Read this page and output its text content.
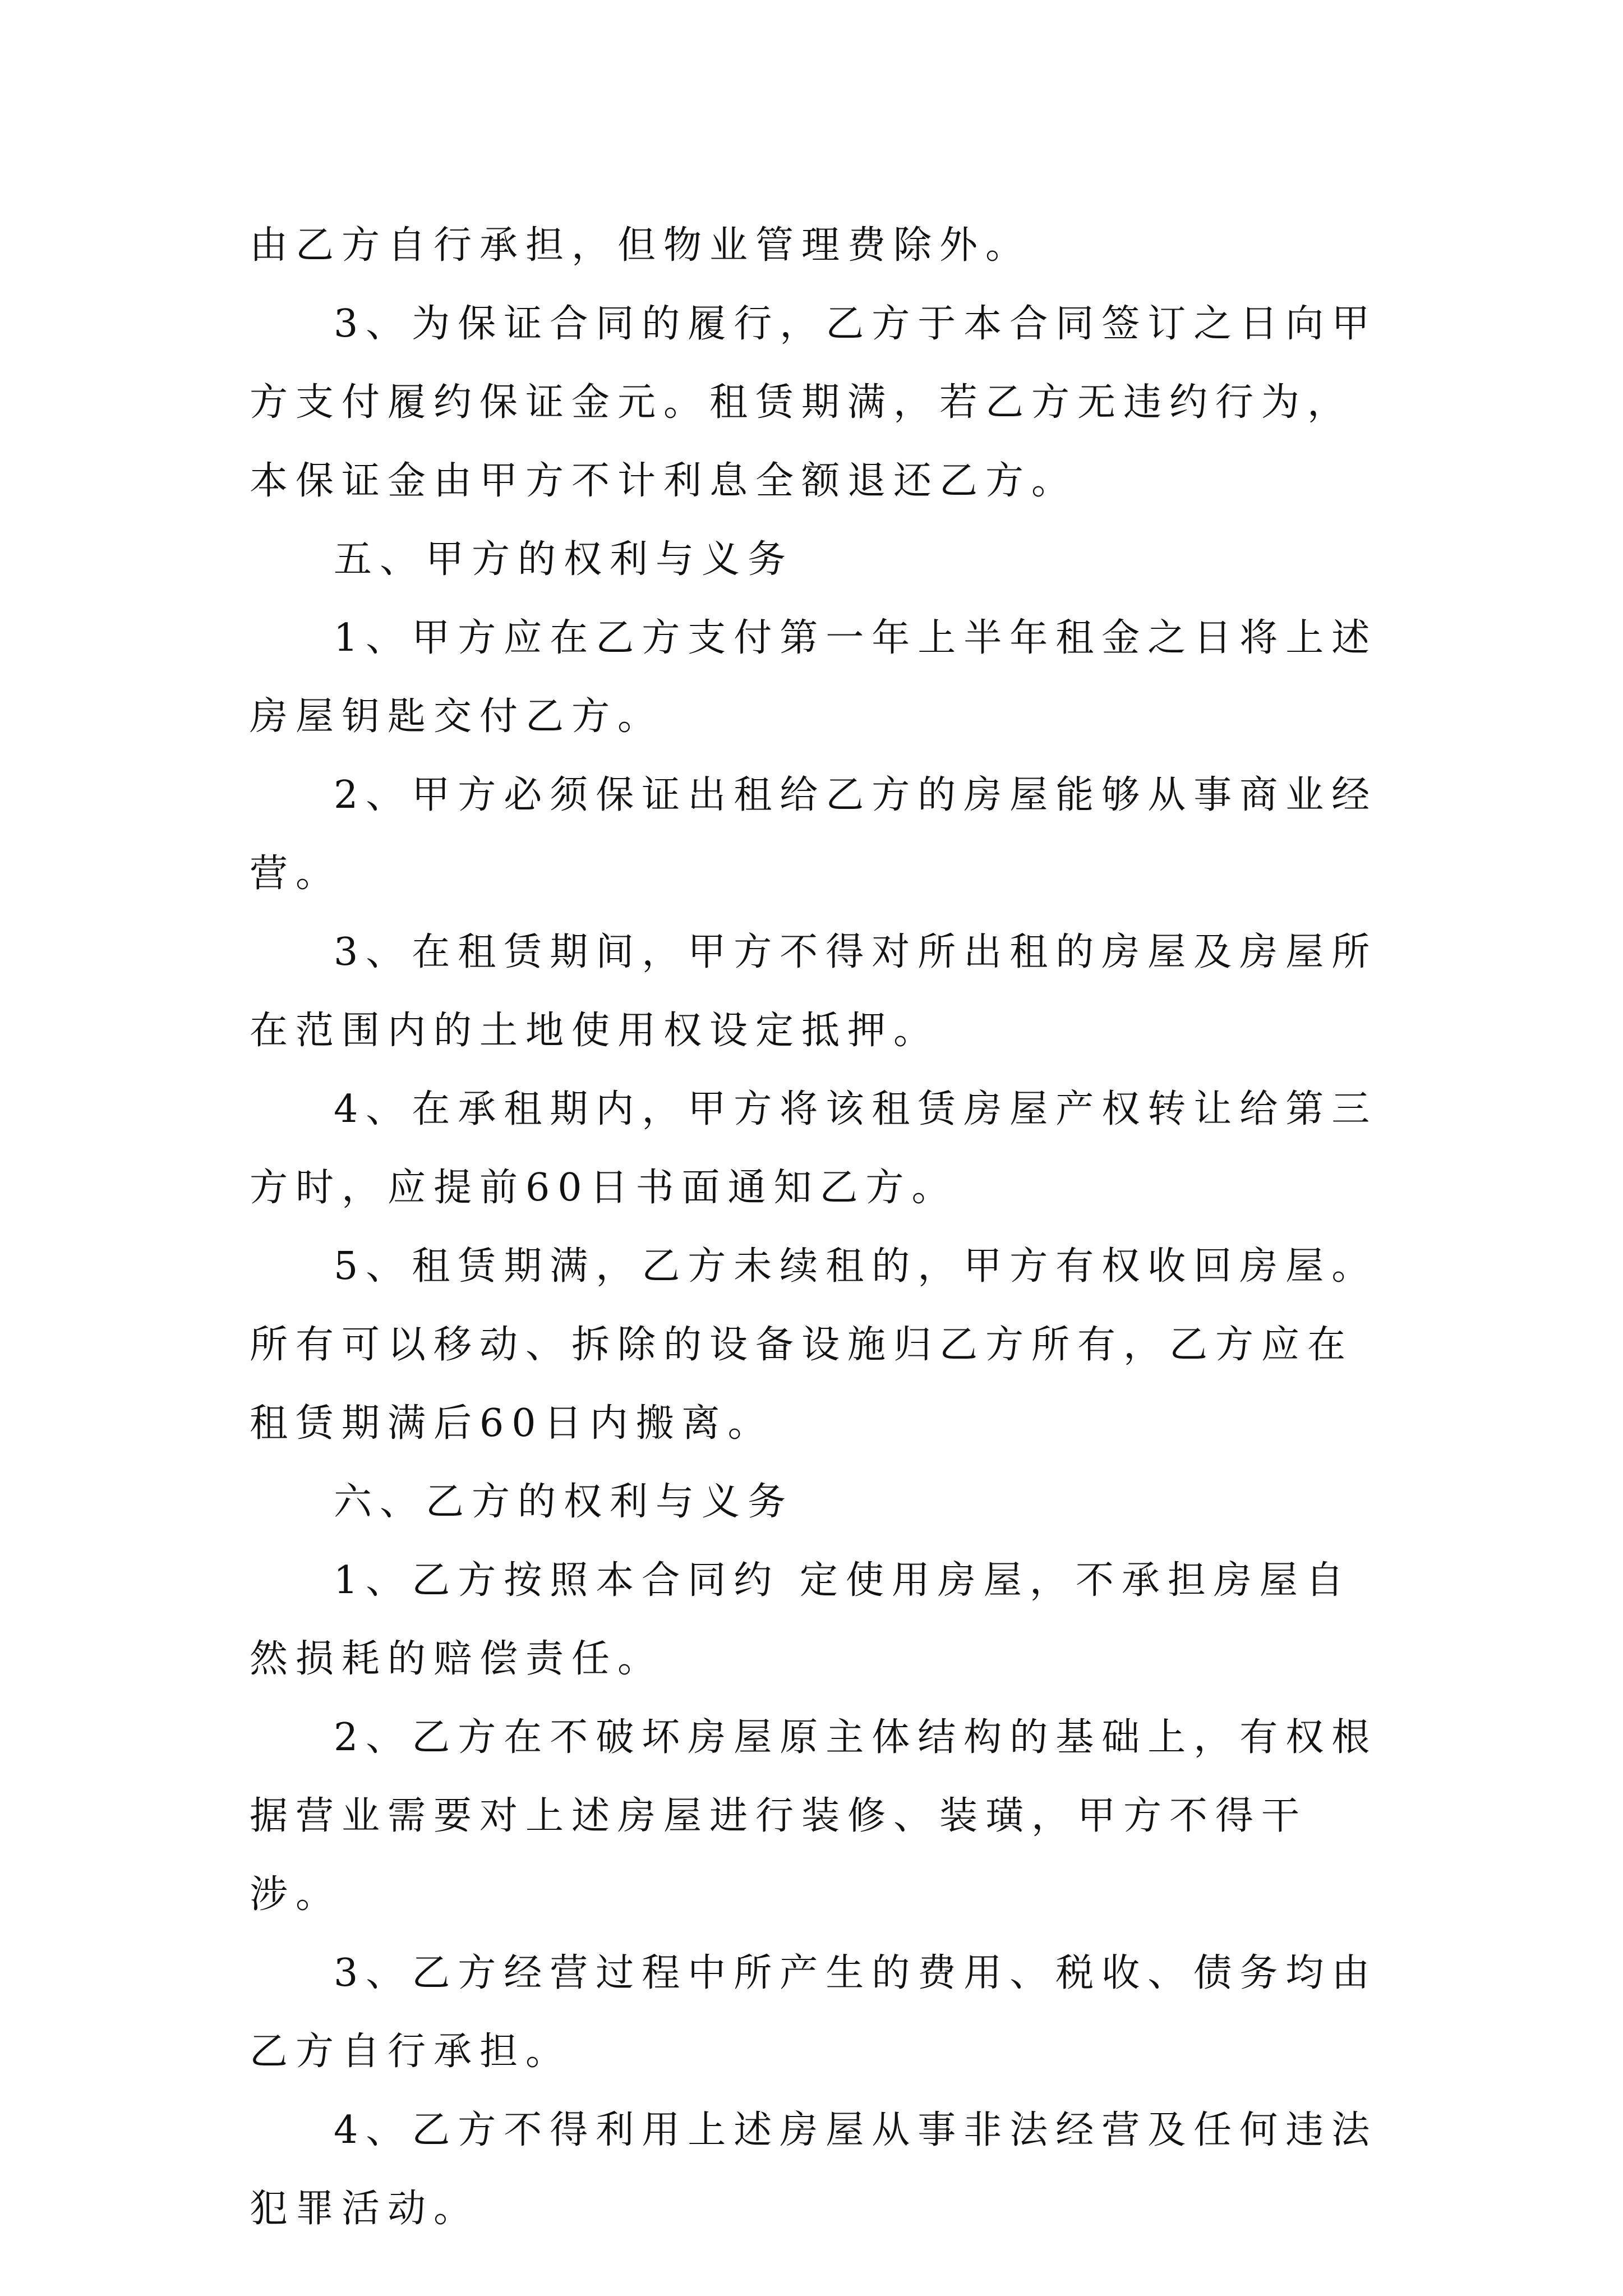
由乙方自行承担，但物业管理费除外。

3、为保证合同的履行，乙方于本合同签订之日向甲方支付履约保证金元。租赁期满，若乙方无违约行为，本保证金由甲方不计利息全额退还乙方。

五、甲方的权利与义务

1、甲方应在乙方支付第一年上半年租金之日将上述房屋钥匙交付乙方。

2、甲方必须保证出租给乙方的房屋能够从事商业经营。

3、在租赁期间，甲方不得对所出租的房屋及房屋所在范围内的土地使用权设定抵押。

4、在承租期内，甲方将该租赁房屋产权转让给第三方时，应提前60日书面通知乙方。

5、租赁期满，乙方未续租的，甲方有权收回房屋。所有可以移动、拆除的设备设施归乙方所有，乙方应在租赁期满后60日内搬离。

六、乙方的权利与义务

1、乙方按照本合同约 定使用房屋，不承担房屋自然损耗的赔偿责任。

2、乙方在不破坏房屋原主体结构的基础上，有权根据营业需要对上述房屋进行装修、装璜，甲方不得干涉。

3、乙方经营过程中所产生的费用、税收、债务均由乙方自行承担。

4、乙方不得利用上述房屋从事非法经营及任何违法犯罪活动。
